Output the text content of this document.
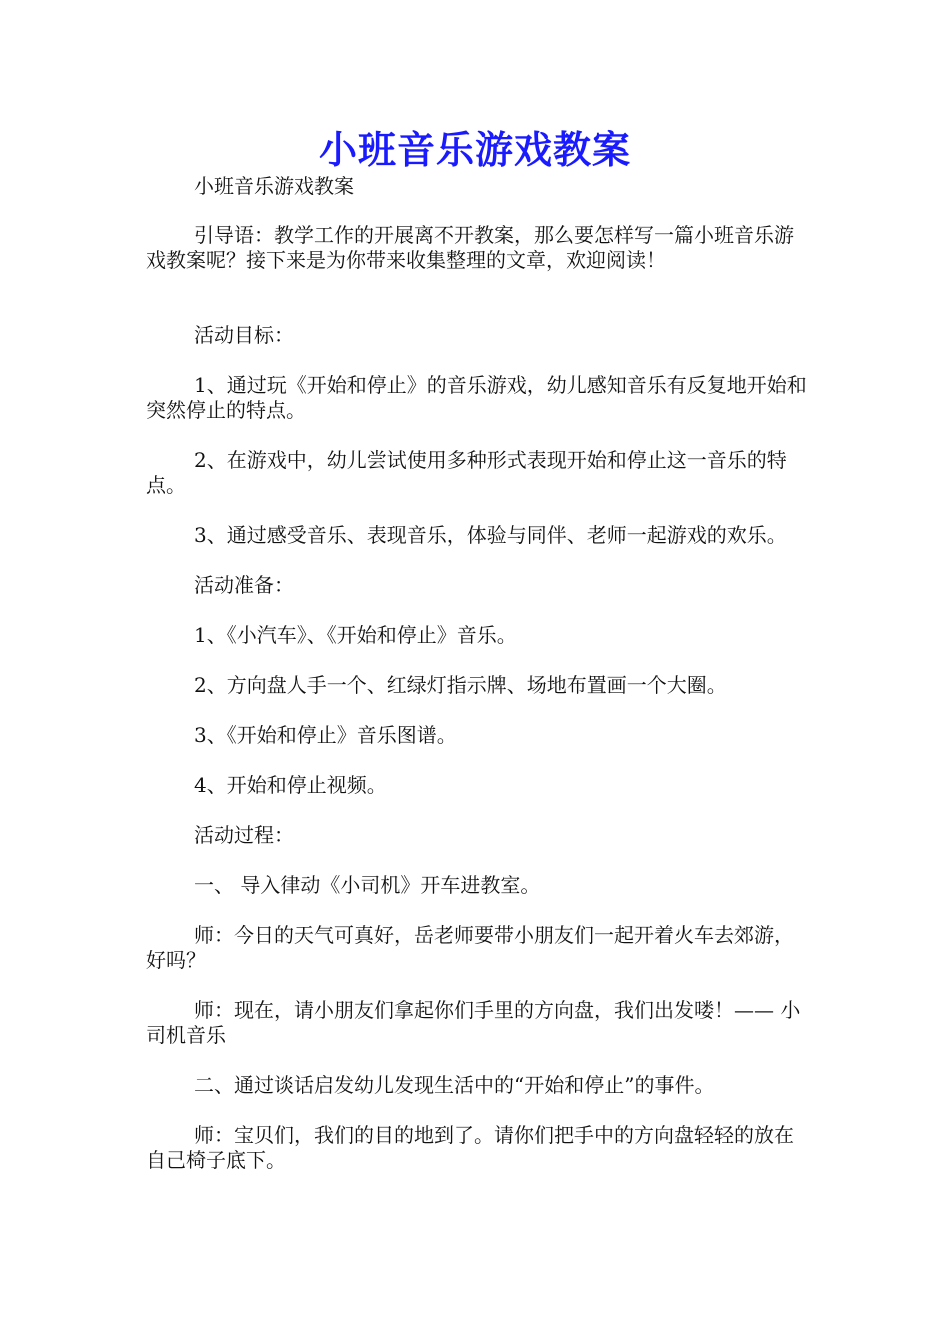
小班音乐游戏教案

小班音乐游戏教案

引导语：教学工作的开展离不开教案，那么要怎样写一篇小班音乐游戏教案呢？接下来是为你带来收集整理的文章，欢迎阅读！

活动目标：

1、通过玩《开始和停止》的音乐游戏，幼儿感知音乐有反复地开始和突然停止的特点。

2、在游戏中，幼儿尝试使用多种形式表现开始和停止这一音乐的特点。

3、通过感受音乐、表现音乐，体验与同伴、老师一起游戏的欢乐。

活动准备：

1、《小汽车》、《开始和停止》音乐。

2、方向盘人手一个、红绿灯指示牌、场地布置画一个大圈。

3、《开始和停止》音乐图谱。

4、开始和停止视频。

活动过程：

一、 导入律动《小司机》开车进教室。

师：今日的天气可真好，岳老师要带小朋友们一起开着火车去郊游，好吗？

师：现在，请小朋友们拿起你们手里的方向盘，我们出发喽！—— 小司机音乐

二、通过谈话启发幼儿发现生活中的“开始和停止”的事件。

师：宝贝们，我们的目的地到了。请你们把手中的方向盘轻轻的放在自己椅子底下。
